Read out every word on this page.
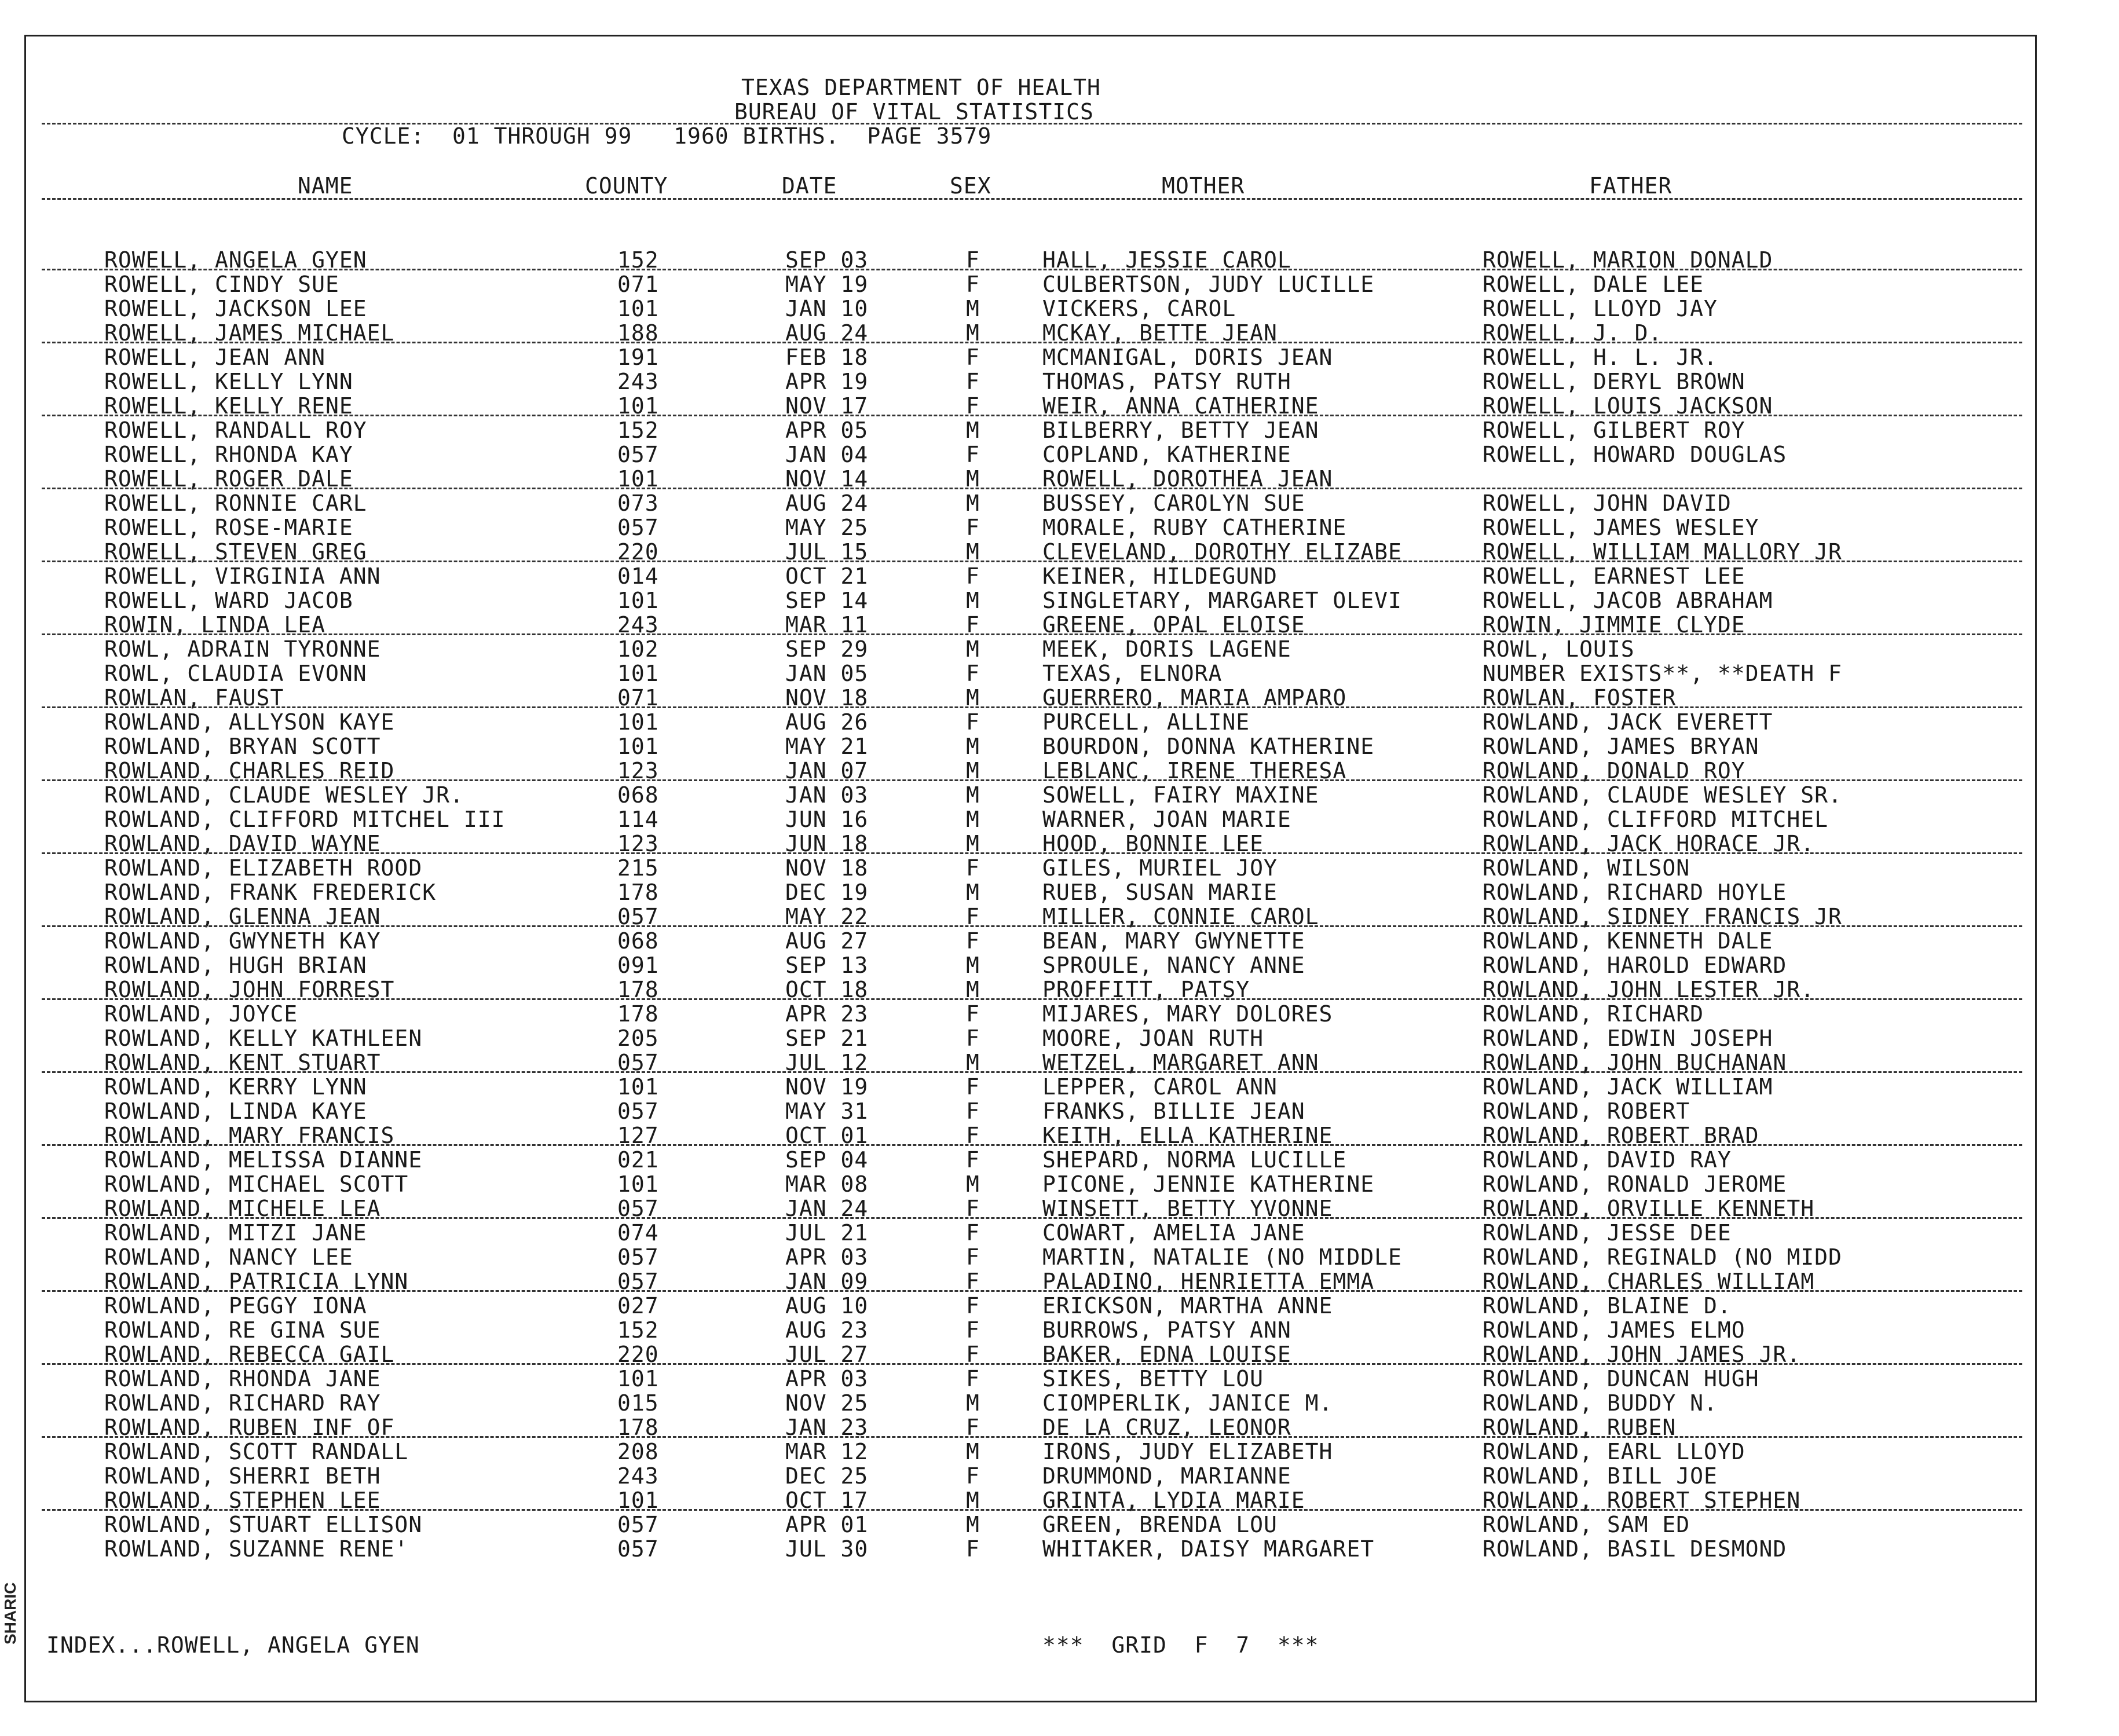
TEXAS DEPARTMENT OF HEALTH
BUREAU OF VITAL STATISTICS
CYCLE:  01 THROUGH 99   1960 BIRTHS.  PAGE 3579
NAME	COUNTY	DATE	SEX	MOTHER	FATHER
ROWELL, ANGELA GYEN	152	SEP 03	F	HALL, JESSIE CAROL	ROWELL, MARION DONALD
ROWELL, CINDY SUE	071	MAY 19	F	CULBERTSON, JUDY LUCILLE	ROWELL, DALE LEE
ROWELL, JACKSON LEE	101	JAN 10	M	VICKERS, CAROL	ROWELL, LLOYD JAY
ROWELL, JAMES MICHAEL	188	AUG 24	M	MCKAY, BETTE JEAN	ROWELL, J. D.
ROWELL, JEAN ANN	191	FEB 18	F	MCMANIGAL, DORIS JEAN	ROWELL, H. L. JR.
ROWELL, KELLY LYNN	243	APR 19	F	THOMAS, PATSY RUTH	ROWELL, DERYL BROWN
ROWELL, KELLY RENE	101	NOV 17	F	WEIR, ANNA CATHERINE	ROWELL, LOUIS JACKSON
ROWELL, RANDALL ROY	152	APR 05	M	BILBERRY, BETTY JEAN	ROWELL, GILBERT ROY
ROWELL, RHONDA KAY	057	JAN 04	F	COPLAND, KATHERINE	ROWELL, HOWARD DOUGLAS
ROWELL, ROGER DALE	101	NOV 14	M	ROWELL, DOROTHEA JEAN
ROWELL, RONNIE CARL	073	AUG 24	M	BUSSEY, CAROLYN SUE	ROWELL, JOHN DAVID
ROWELL, ROSE-MARIE	057	MAY 25	F	MORALE, RUBY CATHERINE	ROWELL, JAMES WESLEY
ROWELL, STEVEN GREG	220	JUL 15	M	CLEVELAND, DOROTHY ELIZABE	ROWELL, WILLIAM MALLORY JR
ROWELL, VIRGINIA ANN	014	OCT 21	F	KEINER, HILDEGUND	ROWELL, EARNEST LEE
ROWELL, WARD JACOB	101	SEP 14	M	SINGLETARY, MARGARET OLEVI	ROWELL, JACOB ABRAHAM
ROWIN, LINDA LEA	243	MAR 11	F	GREENE, OPAL ELOISE	ROWIN, JIMMIE CLYDE
ROWL, ADRAIN TYRONNE	102	SEP 29	M	MEEK, DORIS LAGENE	ROWL, LOUIS
ROWL, CLAUDIA EVONN	101	JAN 05	F	TEXAS, ELNORA	NUMBER EXISTS**, **DEATH F
ROWLAN, FAUST	071	NOV 18	M	GUERRERO, MARIA AMPARO	ROWLAN, FOSTER
ROWLAND, ALLYSON KAYE	101	AUG 26	F	PURCELL, ALLINE	ROWLAND, JACK EVERETT
ROWLAND, BRYAN SCOTT	101	MAY 21	M	BOURDON, DONNA KATHERINE	ROWLAND, JAMES BRYAN
ROWLAND, CHARLES REID	123	JAN 07	M	LEBLANC, IRENE THERESA	ROWLAND, DONALD ROY
ROWLAND, CLAUDE WESLEY JR.	068	JAN 03	M	SOWELL, FAIRY MAXINE	ROWLAND, CLAUDE WESLEY SR.
ROWLAND, CLIFFORD MITCHEL III	114	JUN 16	M	WARNER, JOAN MARIE	ROWLAND, CLIFFORD MITCHEL
ROWLAND, DAVID WAYNE	123	JUN 18	M	HOOD, BONNIE LEE	ROWLAND, JACK HORACE JR.
ROWLAND, ELIZABETH ROOD	215	NOV 18	F	GILES, MURIEL JOY	ROWLAND, WILSON
ROWLAND, FRANK FREDERICK	178	DEC 19	M	RUEB, SUSAN MARIE	ROWLAND, RICHARD HOYLE
ROWLAND, GLENNA JEAN	057	MAY 22	F	MILLER, CONNIE CAROL	ROWLAND, SIDNEY FRANCIS JR
ROWLAND, GWYNETH KAY	068	AUG 27	F	BEAN, MARY GWYNETTE	ROWLAND, KENNETH DALE
ROWLAND, HUGH BRIAN	091	SEP 13	M	SPROULE, NANCY ANNE	ROWLAND, HAROLD EDWARD
ROWLAND, JOHN FORREST	178	OCT 18	M	PROFFITT, PATSY	ROWLAND, JOHN LESTER JR.
ROWLAND, JOYCE	178	APR 23	F	MIJARES, MARY DOLORES	ROWLAND, RICHARD
ROWLAND, KELLY KATHLEEN	205	SEP 21	F	MOORE, JOAN RUTH	ROWLAND, EDWIN JOSEPH
ROWLAND, KENT STUART	057	JUL 12	M	WETZEL, MARGARET ANN	ROWLAND, JOHN BUCHANAN
ROWLAND, KERRY LYNN	101	NOV 19	F	LEPPER, CAROL ANN	ROWLAND, JACK WILLIAM
ROWLAND, LINDA KAYE	057	MAY 31	F	FRANKS, BILLIE JEAN	ROWLAND, ROBERT
ROWLAND, MARY FRANCIS	127	OCT 01	F	KEITH, ELLA KATHERINE	ROWLAND, ROBERT BRAD
ROWLAND, MELISSA DIANNE	021	SEP 04	F	SHEPARD, NORMA LUCILLE	ROWLAND, DAVID RAY
ROWLAND, MICHAEL SCOTT	101	MAR 08	M	PICONE, JENNIE KATHERINE	ROWLAND, RONALD JEROME
ROWLAND, MICHELE LEA	057	JAN 24	F	WINSETT, BETTY YVONNE	ROWLAND, ORVILLE KENNETH
ROWLAND, MITZI JANE	074	JUL 21	F	COWART, AMELIA JANE	ROWLAND, JESSE DEE
ROWLAND, NANCY LEE	057	APR 03	F	MARTIN, NATALIE (NO MIDDLE	ROWLAND, REGINALD (NO MIDD
ROWLAND, PATRICIA LYNN	057	JAN 09	F	PALADINO, HENRIETTA EMMA	ROWLAND, CHARLES WILLIAM
ROWLAND, PEGGY IONA	027	AUG 10	F	ERICKSON, MARTHA ANNE	ROWLAND, BLAINE D.
ROWLAND, RE GINA SUE	152	AUG 23	F	BURROWS, PATSY ANN	ROWLAND, JAMES ELMO
ROWLAND, REBECCA GAIL	220	JUL 27	F	BAKER, EDNA LOUISE	ROWLAND, JOHN JAMES JR.
ROWLAND, RHONDA JANE	101	APR 03	F	SIKES, BETTY LOU	ROWLAND, DUNCAN HUGH
ROWLAND, RICHARD RAY	015	NOV 25	M	CIOMPERLIK, JANICE M.	ROWLAND, BUDDY N.
ROWLAND, RUBEN INF OF	178	JAN 23	F	DE LA CRUZ, LEONOR	ROWLAND, RUBEN
ROWLAND, SCOTT RANDALL	208	MAR 12	M	IRONS, JUDY ELIZABETH	ROWLAND, EARL LLOYD
ROWLAND, SHERRI BETH	243	DEC 25	F	DRUMMOND, MARIANNE	ROWLAND, BILL JOE
ROWLAND, STEPHEN LEE	101	OCT 17	M	GRINTA, LYDIA MARIE	ROWLAND, ROBERT STEPHEN
ROWLAND, STUART ELLISON	057	APR 01	M	GREEN, BRENDA LOU	ROWLAND, SAM ED
ROWLAND, SUZANNE RENE'	057	JUL 30	F	WHITAKER, DAISY MARGARET	ROWLAND, BASIL DESMOND
INDEX...ROWELL, ANGELA GYEN	***  GRID  F  7  ***
SHARIC
